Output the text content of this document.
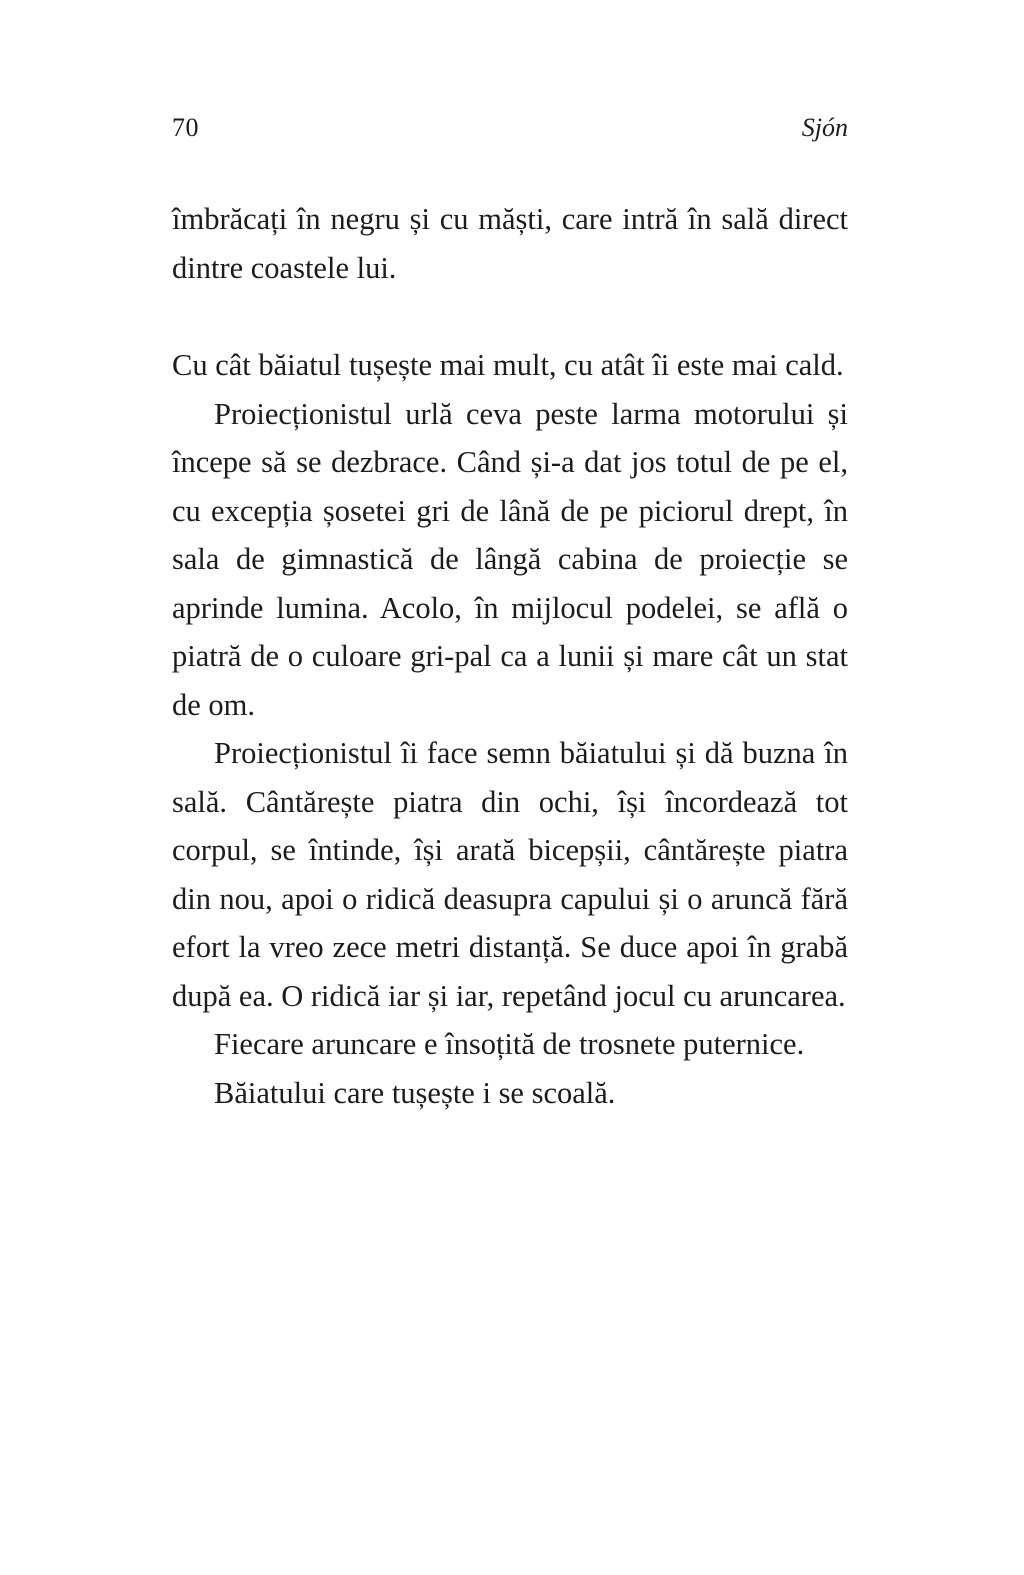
70	Sjón

îmbrăcați în negru și cu măști, care intră în sală direct dintre coastele lui.

Cu cât băiatul tușește mai mult, cu atât îi este mai cald.

Proiecționistul urlă ceva peste larma motorului și începe să se dezbrace. Când și-a dat jos totul de pe el, cu excepția șosetei gri de lână de pe piciorul drept, în sala de gimnastică de lângă cabina de proiecție se aprinde lumina. Acolo, în mijlocul podelei, se află o piatră de o culoare gri-pal ca a lunii și mare cât un stat de om.

Proiecționistul îi face semn băiatului și dă buzna în sală. Cântărește piatra din ochi, își încordează tot corpul, se întinde, își arată bicepșii, cântărește piatra din nou, apoi o ridică deasupra capului și o aruncă fără efort la vreo zece metri distanță. Se duce apoi în grabă după ea. O ridică iar și iar, repetând jocul cu aruncarea.

Fiecare aruncare e însoțită de trosnete puternice.

Băiatului care tușește i se scoală.
